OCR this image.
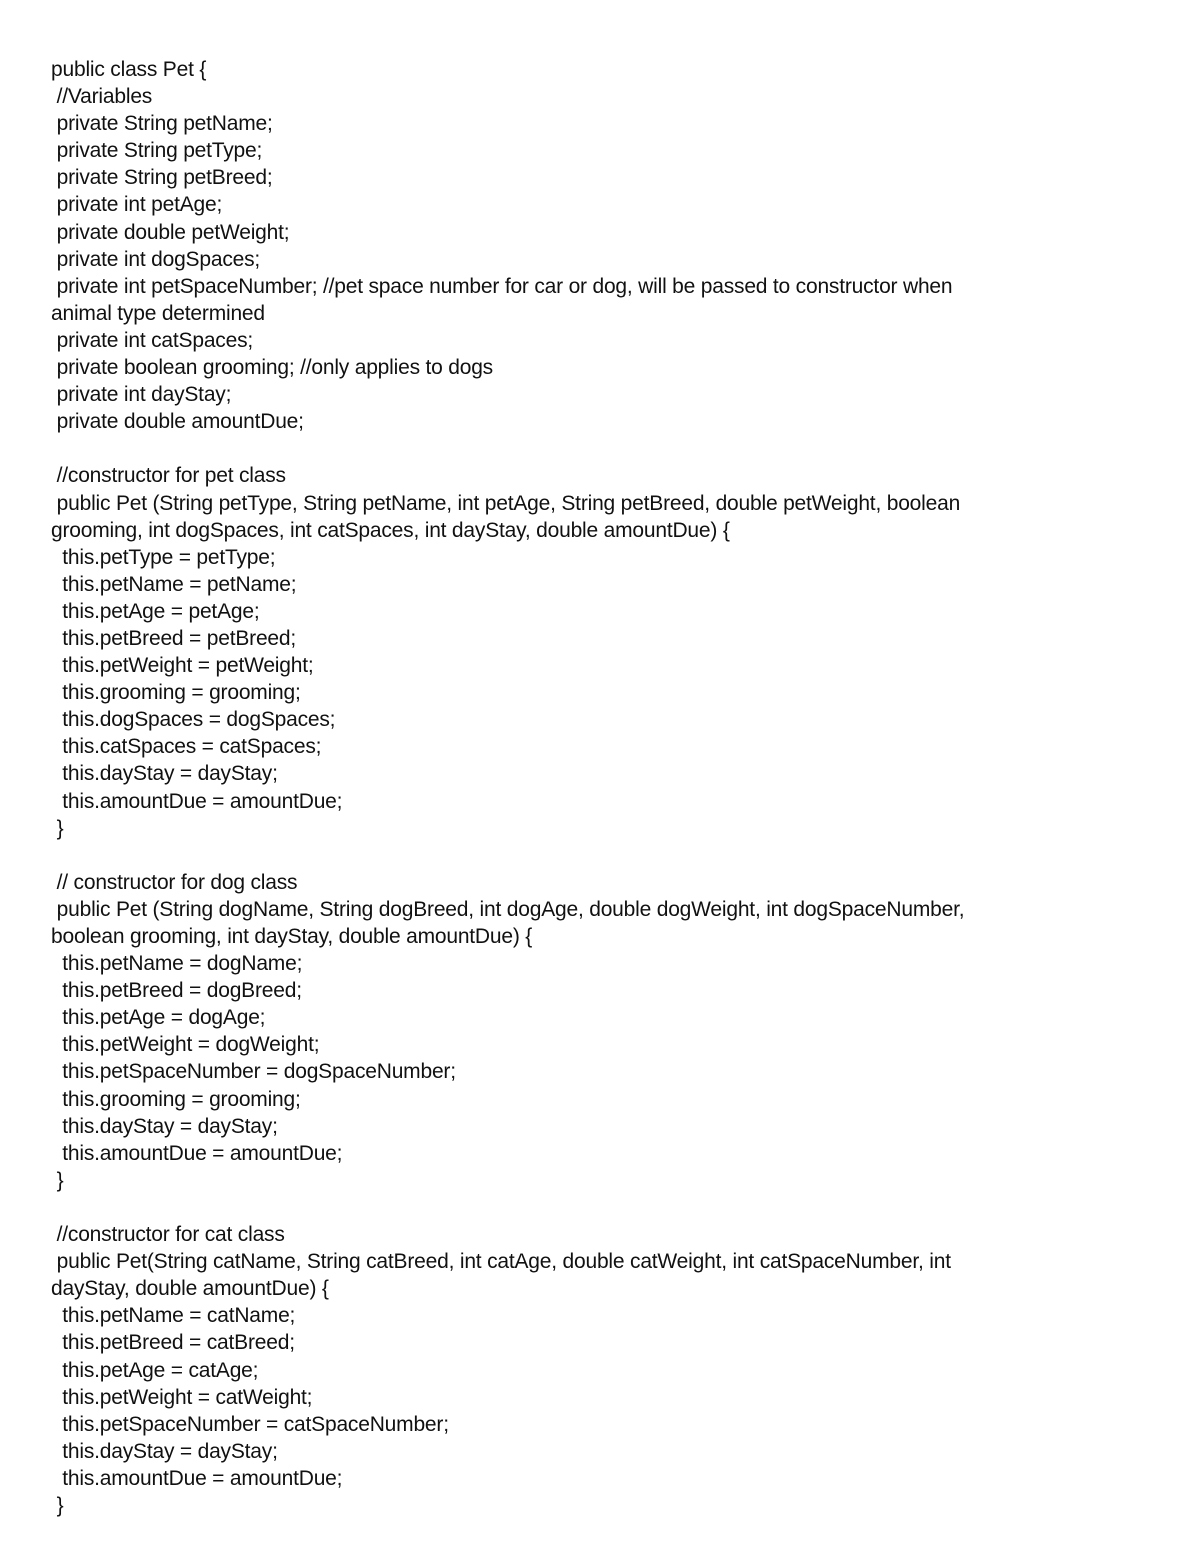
public class Pet {
//Variables
private String petName;
private String petType;
private String petBreed;
private int petAge;
private double petWeight;
private int dogSpaces;
private int petSpaceNumber; //pet space number for car or dog, will be passed to constructor when
animal type determined
private int catSpaces;
private boolean grooming; //only applies to dogs
private int dayStay;
private double amountDue;
//constructor for pet class
public Pet (String petType, String petName, int petAge, String petBreed, double petWeight, boolean
grooming, int dogSpaces, int catSpaces, int dayStay, double amountDue) {
this.petType = petType;
this.petName = petName;
this.petAge = petAge;
this.petBreed = petBreed;
this.petWeight = petWeight;
this.grooming = grooming;
this.dogSpaces = dogSpaces;
this.catSpaces = catSpaces;
this.dayStay = dayStay;
this.amountDue = amountDue;
}
// constructor for dog class
public Pet (String dogName, String dogBreed, int dogAge, double dogWeight, int dogSpaceNumber,
boolean grooming, int dayStay, double amountDue) {
this.petName = dogName;
this.petBreed = dogBreed;
this.petAge = dogAge;
this.petWeight = dogWeight;
this.petSpaceNumber = dogSpaceNumber;
this.grooming = grooming;
this.dayStay = dayStay;
this.amountDue = amountDue;
}
//constructor for cat class
public Pet(String catName, String catBreed, int catAge, double catWeight, int catSpaceNumber, int
dayStay, double amountDue) {
this.petName = catName;
this.petBreed = catBreed;
this.petAge = catAge;
this.petWeight = catWeight;
this.petSpaceNumber = catSpaceNumber;
this.dayStay = dayStay;
this.amountDue = amountDue;
}
